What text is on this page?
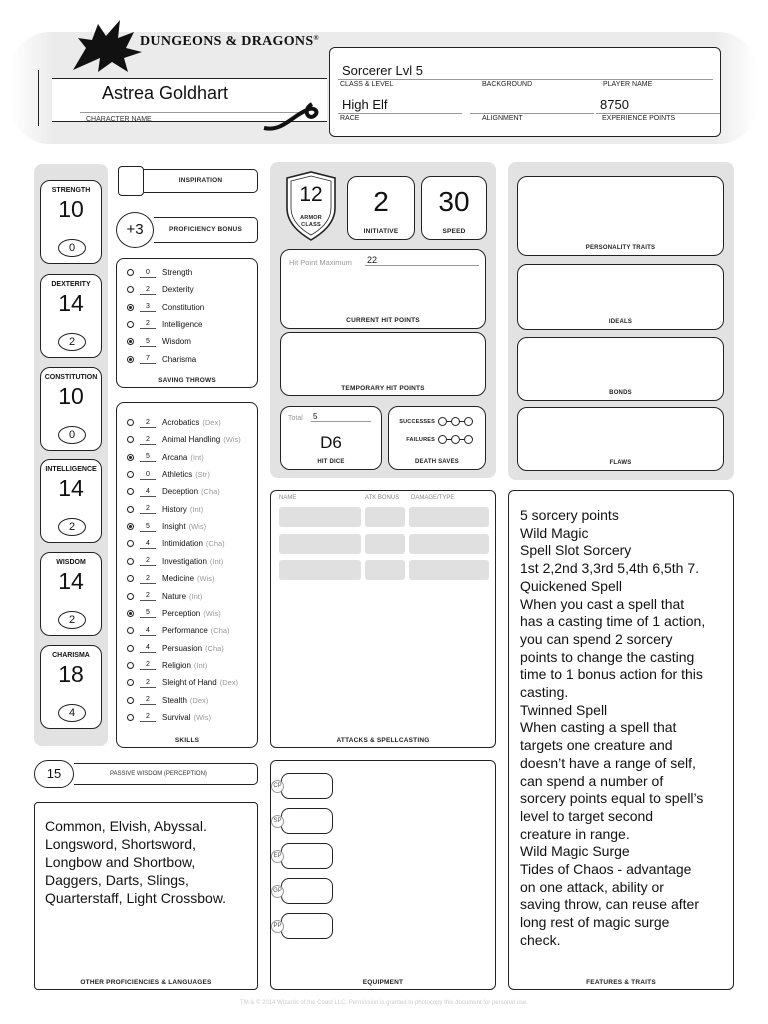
DUNGEONS & DRAGONS®
Astrea Goldhart
CHARACTER NAME
Sorcerer Lvl 5
CLASS & LEVEL	BACKGROUND	PLAYER NAME
High Elf
RACE	ALIGNMENT
8750
EXPERIENCE POINTS
STRENGTH
10
0
DEXTERITY
14
2
CONSTITUTION
10
0
INTELLIGENCE
14
2
WISDOM
14
2
CHARISMA
18
4
INSPIRATION
+3	PROFICIENCY BONUS
0	Strength
2	Dexterity
3	Constitution
2	Intelligence
5	Wisdom
7	Charisma
SAVING THROWS
2	Acrobatics (Dex)
2	Animal Handling (Wis)
5	Arcana (Int)
0	Athletics (Str)
4	Deception (Cha)
2	History (Int)
5	Insight (Wis)
4	Intimidation (Cha)
2	Investigation (Int)
2	Medicine (Wis)
2	Nature (Int)
5	Perception (Wis)
4	Performance (Cha)
4	Persuasion (Cha)
2	Religion (Int)
2	Sleight of Hand (Dex)
2	Stealth (Dex)
2	Survival (Wis)
SKILLS
15	PASSIVE WISDOM (PERCEPTION)
Common, Elvish, Abyssal.
Longsword, Shortsword,
Longbow and Shortbow,
Daggers, Darts, Slings,
Quarterstaff, Light Crossbow.
OTHER PROFICIENCIES & LANGUAGES
12
ARMOR
CLASS
2
INITIATIVE
30
SPEED
Hit Point Maximum 22
CURRENT HIT POINTS
TEMPORARY HIT POINTS
Total 5
D6
HIT DICE
SUCCESSES
FAILURES
DEATH SAVES
NAME	ATK BONUS DAMAGE/TYPE
ATTACKS & SPELLCASTING
CP
SP
EP
GP
PP
EQUIPMENT
PERSONALITY TRAITS
IDEALS
BONDS
FLAWS
5 sorcery points
Wild Magic
Spell Slot Sorcery
1st 2,2nd 3,3rd 5,4th 6,5th 7.
Quickened Spell
When you cast a spell that
has a casting time of 1 action,
you can spend 2 sorcery
points to change the casting
time to 1 bonus action for this
casting.
Twinned Spell
When casting a spell that
targets one creature and
doesn’t have a range of self,
can spend a number of
sorcery points equal to spell’s
level to target second
creature in range.
Wild Magic Surge
Tides of Chaos - advantage
on one attack, ability or
saving throw, can reuse after
long rest of magic surge
check.
FEATURES & TRAITS
TM & © 2014 Wizards of the Coast LLC. Permission is granted to photocopy this document for personal use.
